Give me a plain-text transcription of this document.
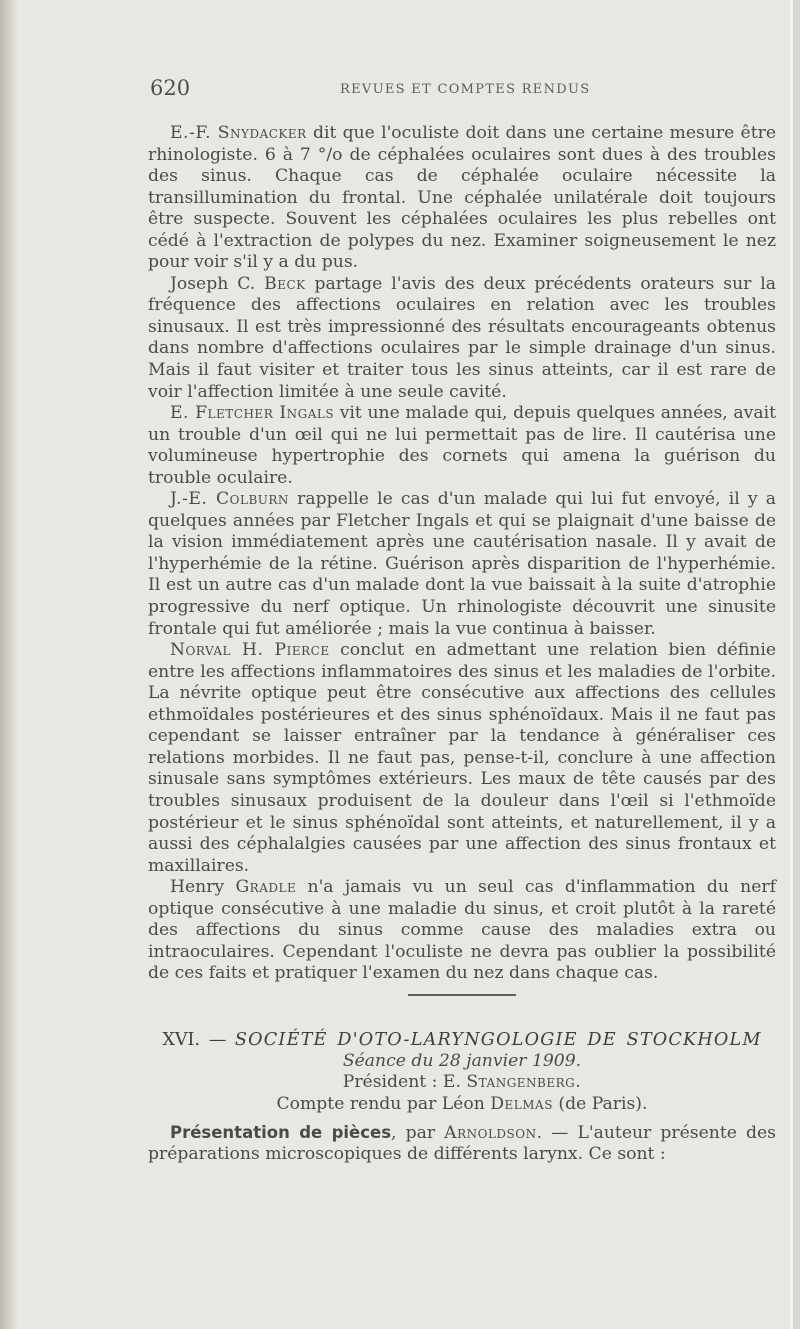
620	REVUES ET COMPTES RENDUS

E.-F. Snydacker dit que l'oculiste doit dans une certaine mesure être rhinologiste. 6 à 7 °/o de céphalées oculaires sont dues à des troubles des sinus. Chaque cas de céphalée oculaire nécessite la transillumination du frontal. Une céphalée unilatérale doit toujours être suspecte. Souvent les céphalées oculaires les plus rebelles ont cédé à l'extraction de polypes du nez. Examiner soigneusement le nez pour voir s'il y a du pus.

Joseph C. Beck partage l'avis des deux précédents orateurs sur la fréquence des affections oculaires en relation avec les troubles sinusaux. Il est très impressionné des résultats encourageants obtenus dans nombre d'affections oculaires par le simple drainage d'un sinus. Mais il faut visiter et traiter tous les sinus atteints, car il est rare de voir l'affection limitée à une seule cavité.

E. Fletcher Ingals vit une malade qui, depuis quelques années, avait un trouble d'un œil qui ne lui permettait pas de lire. Il cautérisa une volumineuse hypertrophie des cornets qui amena la guérison du trouble oculaire.

J.-E. Colburn rappelle le cas d'un malade qui lui fut envoyé, il y a quelques années par Fletcher Ingals et qui se plaignait d'une baisse de la vision immédiatement après une cautérisation nasale. Il y avait de l'hyperhémie de la rétine. Guérison après disparition de l'hyperhémie. Il est un autre cas d'un malade dont la vue baissait à la suite d'atrophie progressive du nerf optique. Un rhinologiste découvrit une sinusite frontale qui fut améliorée ; mais la vue continua à baisser.

Norval H. Pierce conclut en admettant une relation bien définie entre les affections inflammatoires des sinus et les maladies de l'orbite. La névrite optique peut être consécutive aux affections des cellules ethmoïdales postérieures et des sinus sphénoïdaux. Mais il ne faut pas cependant se laisser entraîner par la tendance à généraliser ces relations morbides. Il ne faut pas, pense-t-il, conclure à une affection sinusale sans symptômes extérieurs. Les maux de tête causés par des troubles sinusaux produisent de la douleur dans l'œil si l'ethmoïde postérieur et le sinus sphénoïdal sont atteints, et naturellement, il y a aussi des céphalalgies causées par une affection des sinus frontaux et maxillaires.

Henry Gradle n'a jamais vu un seul cas d'inflammation du nerf optique consécutive à une maladie du sinus, et croit plutôt à la rareté des affections du sinus comme cause des maladies extra ou intraoculaires. Cependant l'oculiste ne devra pas oublier la possibilité de ces faits et pratiquer l'examen du nez dans chaque cas.

XVI. — SOCIÉTÉ D'OTO-LARYNGOLOGIE DE STOCKHOLM

Séance du 28 janvier 1909.

Président : E. Stangenberg.

Compte rendu par Léon Delmas (de Paris).

Présentation de pièces, par Arnoldson. — L'auteur présente des préparations microscopiques de différents larynx. Ce sont :
